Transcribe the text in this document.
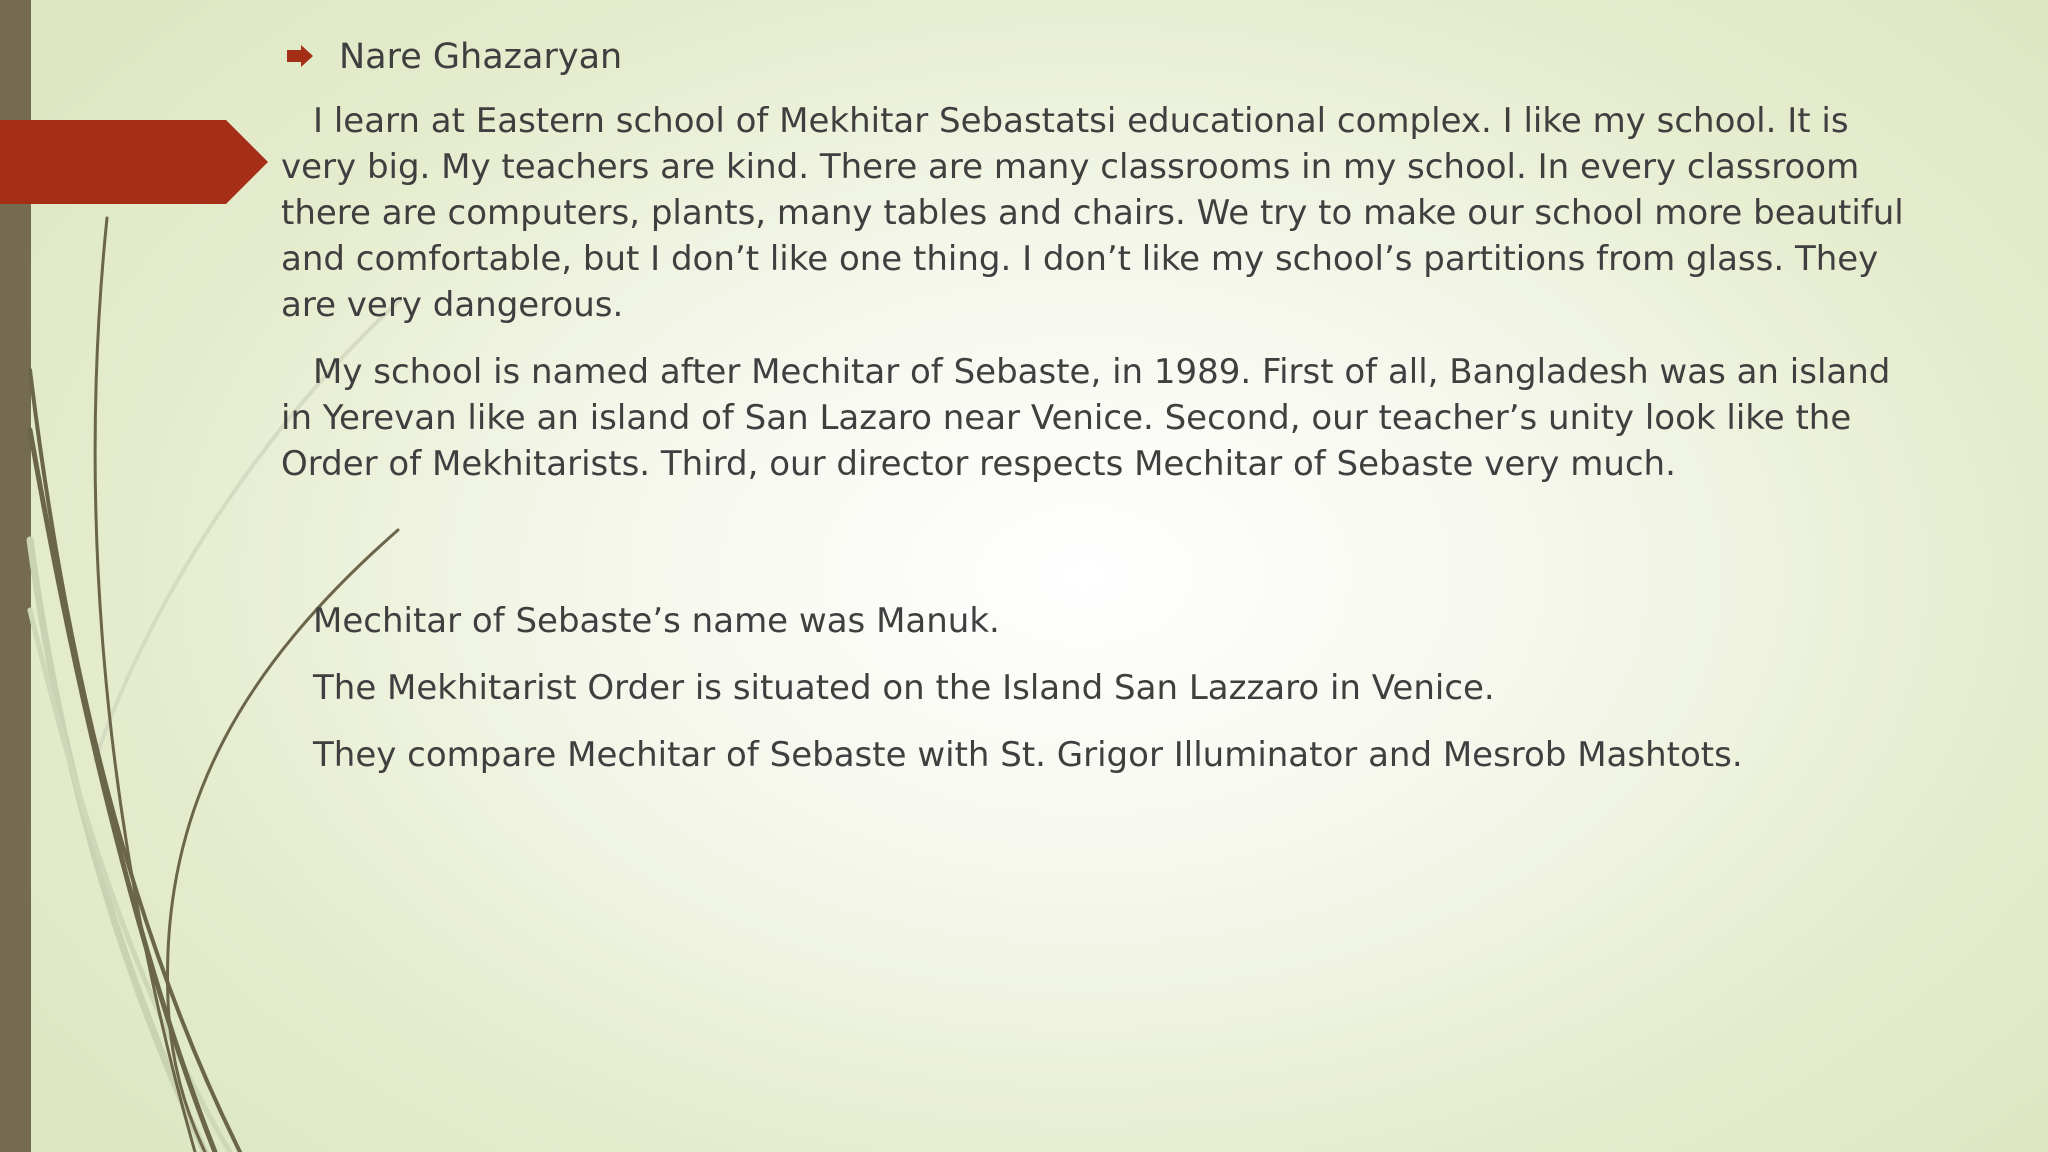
Nare Ghazaryan

I learn at Eastern school of Mekhitar Sebastatsi educational complex. I like my school. It is very big. My teachers are kind. There are many classrooms in my school. In every classroom there are computers, plants, many tables and chairs. We try to make our school more beautiful and comfortable, but I don’t like one thing. I don’t like my school’s partitions from glass. They are very dangerous.

My school is named after Mechitar of Sebaste, in 1989. First of all, Bangladesh was an island in Yerevan like an island of San Lazaro near Venice. Second, our teacher’s unity look like the Order of Mekhitarists. Third, our director respects Mechitar of Sebaste very much.

Mechitar of Sebaste’s name was Manuk.

The Mekhitarist Order is situated on the Island San Lazzaro in Venice.

They compare Mechitar of Sebaste with St. Grigor Illuminator and Mesrob Mashtots.
